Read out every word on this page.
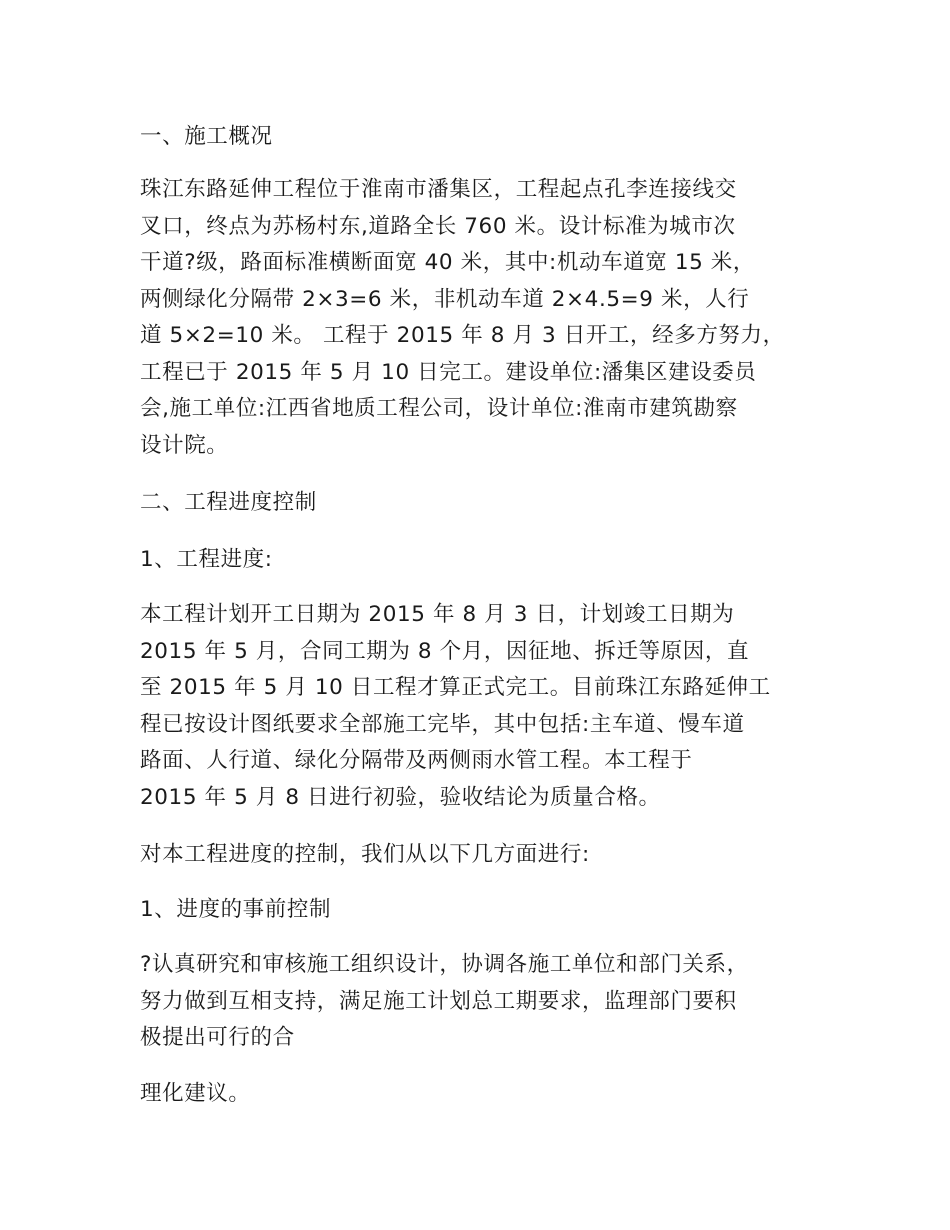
一、施工概况
珠江东路延伸工程位于淮南市潘集区，工程起点孔李连接线交
叉口，终点为苏杨村东,道路全长 760 米。设计标准为城市次
干道?级，路面标准横断面宽 40 米，其中:机动车道宽 15 米，
两侧绿化分隔带 2×3=6 米，非机动车道 2×4.5=9 米，人行
道 5×2=10 米。 工程于 2015 年 8 月 3 日开工，经多方努力，
工程已于 2015 年 5 月 10 日完工。建设单位:潘集区建设委员
会,施工单位:江西省地质工程公司，设计单位:淮南市建筑勘察
设计院。
二、工程进度控制
1、工程进度:
本工程计划开工日期为 2015 年 8 月 3 日，计划竣工日期为
2015 年 5 月，合同工期为 8 个月，因征地、拆迁等原因，直
至 2015 年 5 月 10 日工程才算正式完工。目前珠江东路延伸工
程已按设计图纸要求全部施工完毕，其中包括:主车道、慢车道
路面、人行道、绿化分隔带及两侧雨水管工程。本工程于
2015 年 5 月 8 日进行初验，验收结论为质量合格。
对本工程进度的控制，我们从以下几方面进行:
1、进度的事前控制
?认真研究和审核施工组织设计，协调各施工单位和部门关系，
努力做到互相支持，满足施工计划总工期要求，监理部门要积
极提出可行的合
理化建议。
